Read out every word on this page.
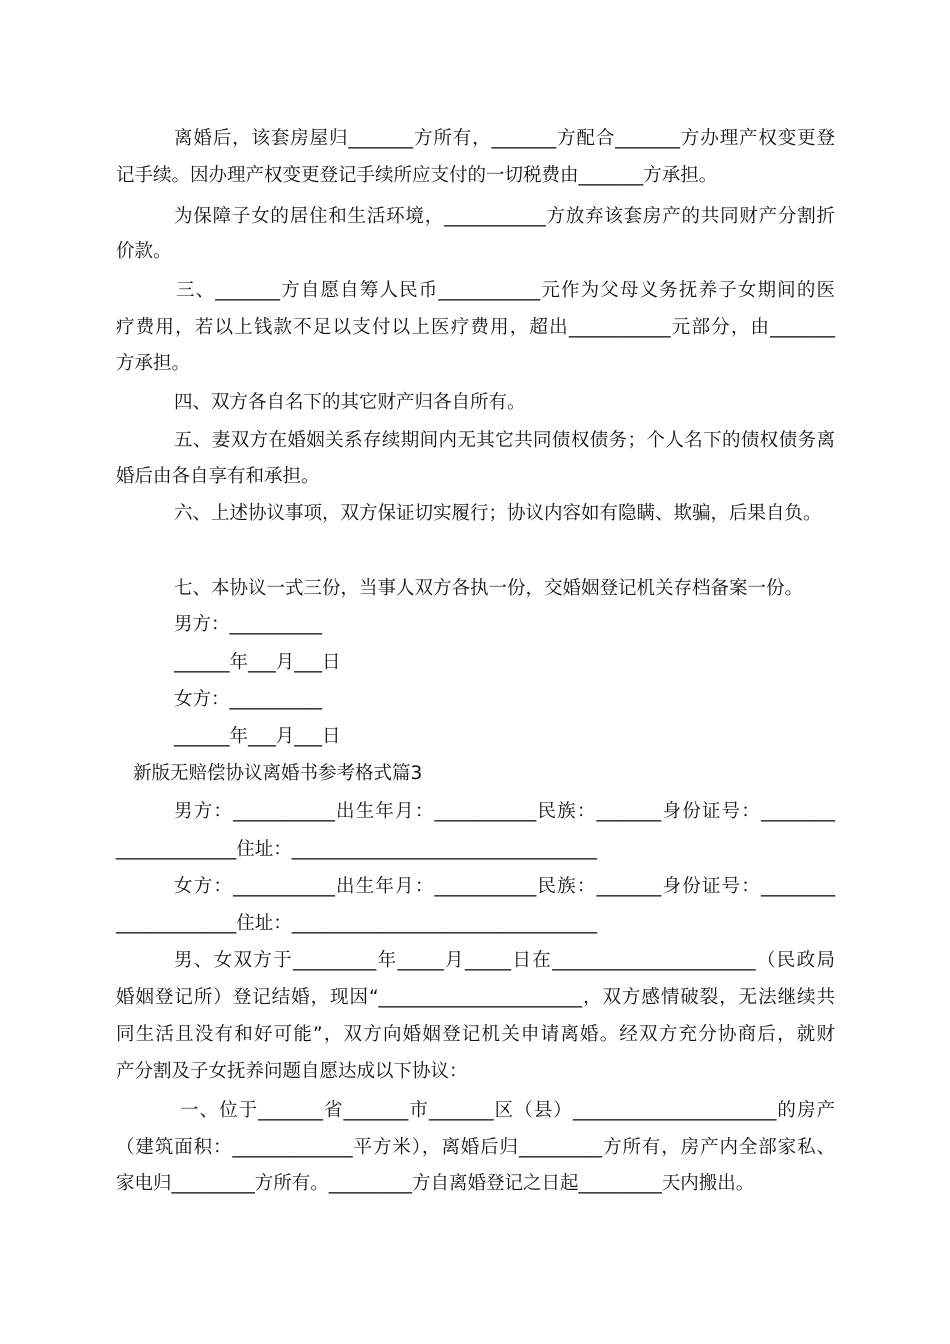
离婚后，该套房屋归_______方所有，_______方配合_______方办理产权变更登
记手续。因办理产权变更登记手续所应支付的一切税费由_______方承担。
为保障子女的居住和生活环境，___________方放弃该套房产的共同财产分割折
价款。
三、_______方自愿自筹人民币___________元作为父母义务抚养子女期间的医
疗费用，若以上钱款不足以支付以上医疗费用，超出___________元部分，由_______
方承担。
四、双方各自名下的其它财产归各自所有。
五、妻双方在婚姻关系存续期间内无其它共同债权债务；个人名下的债权债务离
婚后由各自享有和承担。
六、上述协议事项，双方保证切实履行；协议内容如有隐瞒、欺骗，后果自负。
七、本协议一式三份，当事人双方各执一份，交婚姻登记机关存档备案一份。
男方：__________
______年___月___日
女方：__________
______年___月___日
新版无赔偿协议离婚书参考格式篇3
男方：___________出生年月：___________民族：_______身份证号：________
_____________住址：_________________________________
女方：___________出生年月：___________民族：_______身份证号：________
_____________住址：_________________________________
男、女双方于_________年_____月_____日在______________________（民政局
婚姻登记所）登记结婚，现因“______________________，双方感情破裂，无法继续共
同生活且没有和好可能”，双方向婚姻登记机关申请离婚。经双方充分协商后，就财
产分割及子女抚养问题自愿达成以下协议：
一、位于_______省_______市_______区（县）______________________的房产
（建筑面积：_____________平方米），离婚后归_________方所有，房产内全部家私、
家电归_________方所有。_________方自离婚登记之日起_________天内搬出。
